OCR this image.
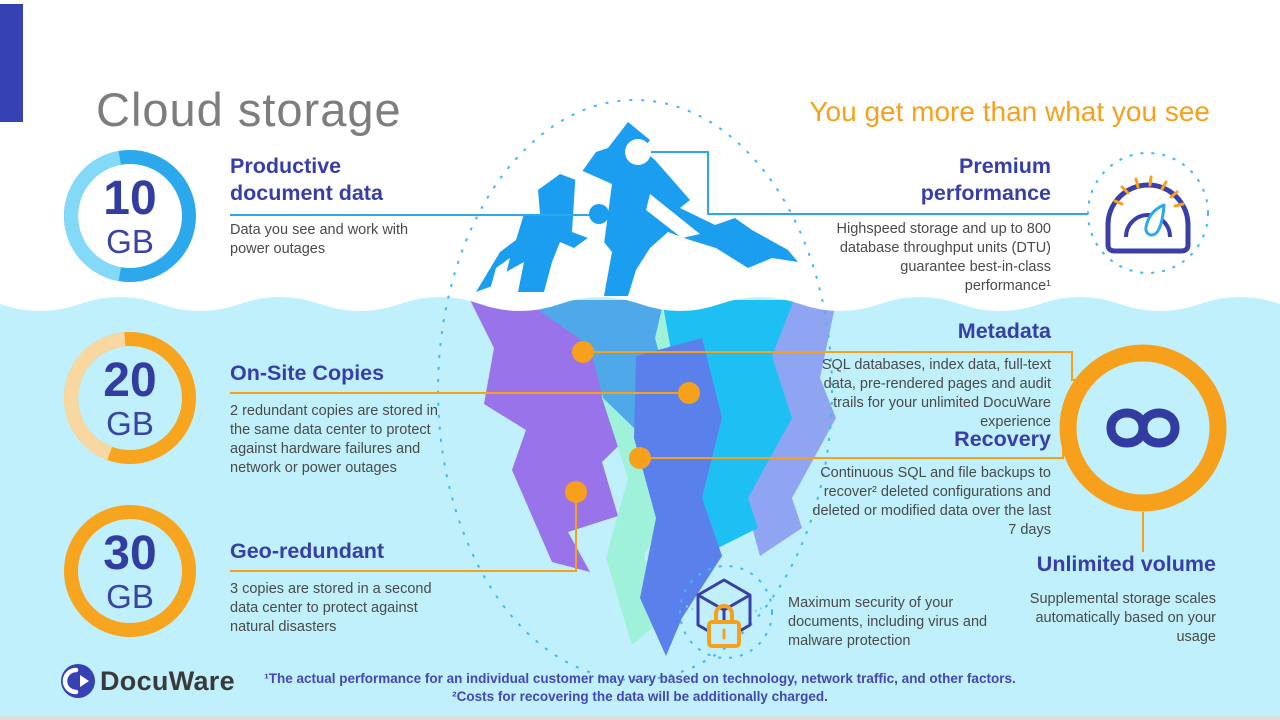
Cloud storage	You get more than what you see
10
GB
Productive document data
Data you see and work with power outages
20
GB
On-Site Copies
2 redundant copies are stored in the same data center to protect against hardware failures and network or power outages
30
GB
Geo-redundant
3 copies are stored in a second data center to protect against natural disasters
Premium performance
Highspeed storage and up to 800 database throughput units (DTU) guarantee best-in-class performance¹
Metadata
SQL databases, index data, full-text data, pre-rendered pages and audit trails for your unlimited DocuWare experience
Recovery
Continuous SQL and file backups to recover² deleted configurations and deleted or modified data over the last 7 days
Unlimited volume
Supplemental storage scales automatically based on your usage
Maximum security of your documents, including virus and malware protection
DocuWare	¹The actual performance for an individual customer may vary based on technology, network traffic, and other factors.
²Costs for recovering the data will be additionally charged.
